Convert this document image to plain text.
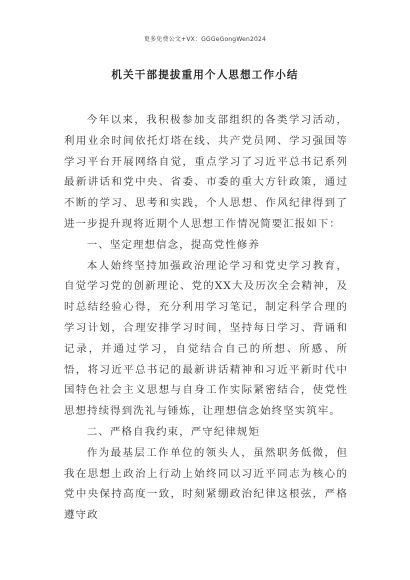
更多免费公文+VX：GGGeGongWen2024
机关干部提拔重用个人思想工作小结

今年以来，我积极参加支部组织的各类学习活动，利用业余时间依托灯塔在线、共产党员网、学习强国等学习平台开展网络自觉，重点学习了习近平总书记系列最新讲话和党中央、省委、市委的重大方针政策，通过不断的学习、思考和实践，个人思想、作风纪律得到了进一步提升现将近期个人思想工作情况简要汇报如下：

一、坚定理想信念，提高党性修养

本人始终坚持加强政治理论学习和党史学习教育，自觉学习党的创新理论、党的XX大及历次全会精神，及时总结经验心得，充分利用学习笔记，制定科学合理的学习计划，合理安排学习时间，坚持每日学习、背诵和记录，并通过学习，自觉结合自己的所想、所感、所悟，将习近平总书记的最新讲话精神和习近平新时代中国特色社会主义思想与自身工作实际紧密结合，使党性思想持续得到洗礼与锤炼，让理想信念始终坚实筑牢。

二、严格自我约束，严守纪律规矩

作为最基层工作单位的领头人，虽然职务低微，但我在思想上政治上行动上始终同以习近平同志为核心的党中央保持高度一致，时刻紧绷政治纪律这根弦，严格遵守政
